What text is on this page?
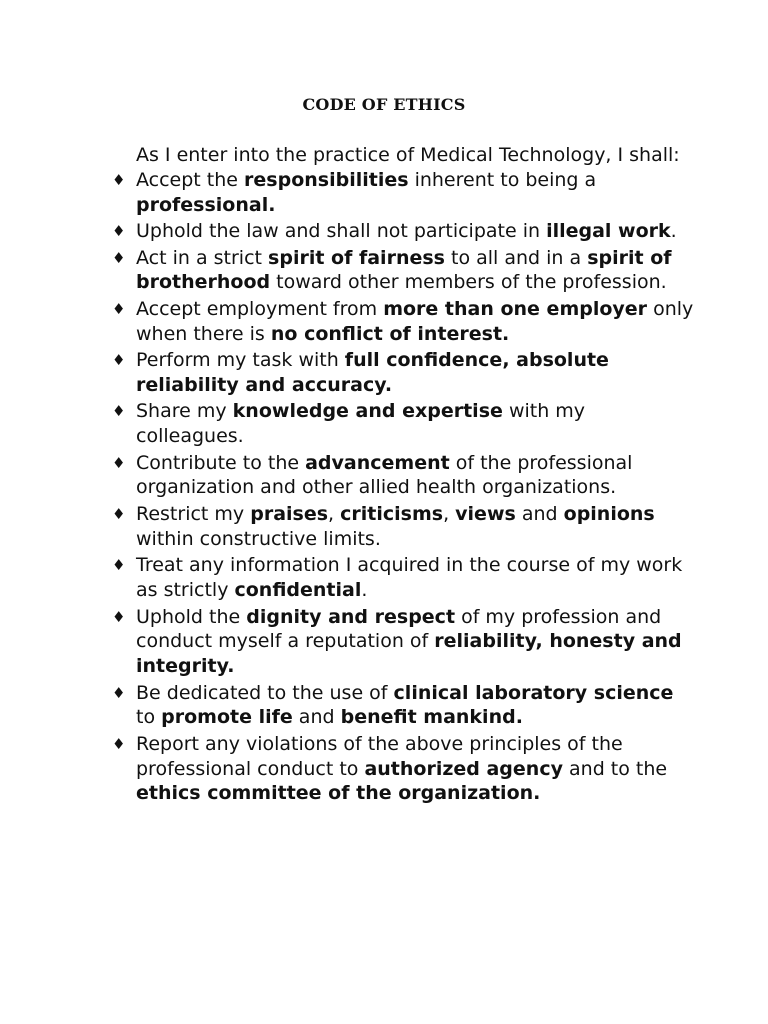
CODE OF ETHICS

As I enter into the practice of Medical Technology, I shall:

♦ Accept the responsibilities inherent to being a professional.
♦ Uphold the law and shall not participate in illegal work.
♦ Act in a strict spirit of fairness to all and in a spirit of brotherhood toward other members of the profession.
♦ Accept employment from more than one employer only when there is no conflict of interest.
♦ Perform my task with full confidence, absolute reliability and accuracy.
♦ Share my knowledge and expertise with my colleagues.
♦ Contribute to the advancement of the professional organization and other allied health organizations.
♦ Restrict my praises, criticisms, views and opinions within constructive limits.
♦ Treat any information I acquired in the course of my work as strictly confidential.
♦ Uphold the dignity and respect of my profession and conduct myself a reputation of reliability, honesty and integrity.
♦ Be dedicated to the use of clinical laboratory science to promote life and benefit mankind.
♦ Report any violations of the above principles of the professional conduct to authorized agency and to the ethics committee of the organization.
